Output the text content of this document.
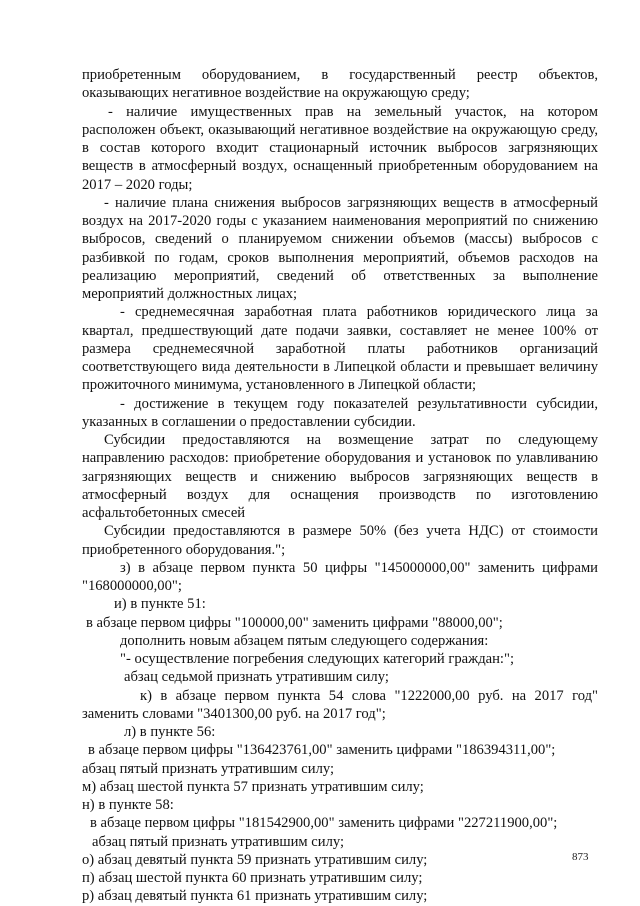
приобретенным оборудованием, в государственный реестр объектов, оказывающих негативное воздействие на окружающую среду;

- наличие имущественных прав на земельный участок, на котором расположен объект, оказывающий негативное воздействие на окружающую среду, в состав которого входит стационарный источник выбросов загрязняющих веществ в атмосферный воздух, оснащенный приобретенным оборудованием на 2017 – 2020 годы;

- наличие плана снижения выбросов загрязняющих веществ в атмосферный воздух на 2017-2020 годы с указанием наименования мероприятий по снижению выбросов, сведений о планируемом снижении объемов (массы) выбросов с разбивкой по годам, сроков выполнения мероприятий, объемов расходов на реализацию мероприятий, сведений об ответственных за выполнение мероприятий должностных лицах;

- среднемесячная заработная плата работников юридического лица за квартал, предшествующий дате подачи заявки, составляет не менее 100% от размера среднемесячной заработной платы работников организаций соответствующего вида деятельности в Липецкой области и превышает величину прожиточного минимума, установленного в Липецкой области;

- достижение в текущем году показателей результативности субсидии, указанных в соглашении о предоставлении субсидии.

Субсидии предоставляются на возмещение затрат по следующему направлению расходов: приобретение оборудования и установок по улавливанию загрязняющих веществ и снижению выбросов загрязняющих веществ в атмосферный воздух для оснащения производств по изготовлению асфальтобетонных смесей

Субсидии предоставляются в размере 50% (без учета НДС) от стоимости приобретенного оборудования.";

з) в абзаце первом пункта 50 цифры "145000000,00" заменить цифрами "168000000,00";

и) в пункте 51:

в абзаце первом цифры "100000,00" заменить цифрами "88000,00";

дополнить новым абзацем пятым следующего содержания:

"- осуществление погребения следующих категорий граждан:";

абзац седьмой признать утратившим силу;

к) в абзаце первом пункта 54 слова "1222000,00 руб. на 2017 год" заменить словами "3401300,00 руб. на 2017 год";

л) в пункте 56:

в абзаце первом цифры "136423761,00" заменить цифрами "186394311,00";

абзац пятый признать утратившим силу;

м) абзац шестой пункта 57 признать утратившим силу;

н) в пункте 58:

в абзаце первом цифры "181542900,00" заменить цифрами "227211900,00";

абзац пятый признать утратившим силу;

о) абзац девятый пункта 59 признать утратившим силу;

п) абзац шестой пункта 60 признать утратившим силу;

р) абзац девятый пункта 61 признать утратившим силу;

873
